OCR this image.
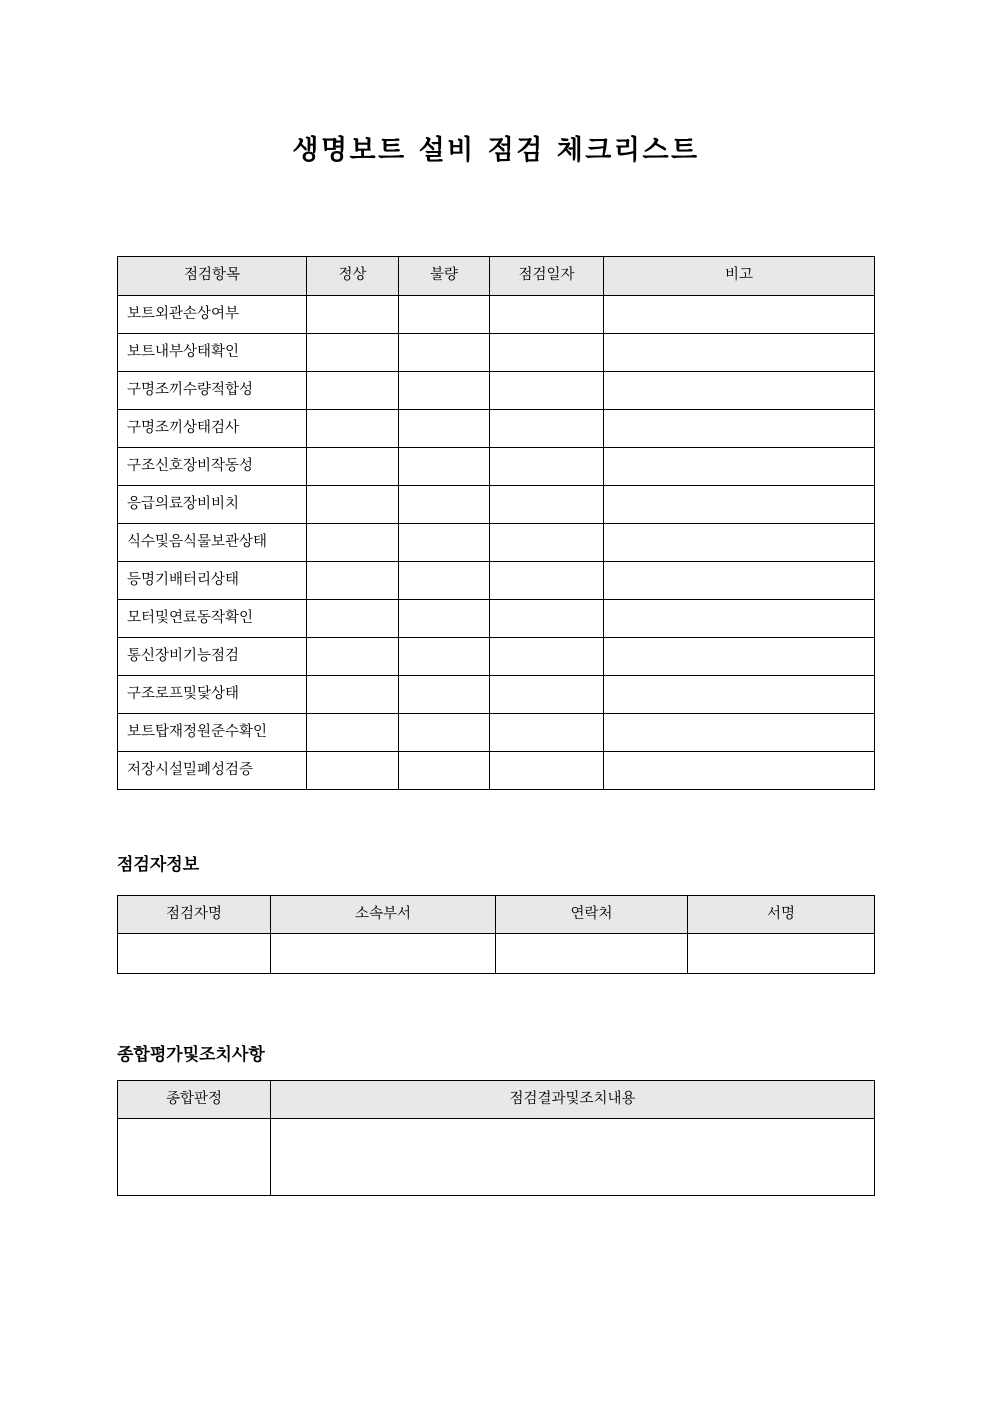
생명보트 설비 점검 체크리스트
점검항목	정상	불량	점검일자	비고
보트외관손상여부				
보트내부상태확인				
구명조끼수량적합성				
구명조끼상태검사				
구조신호장비작동성				
응급의료장비비치				
식수및음식물보관상태				
등명기배터리상태				
모터및연료동작확인				
통신장비기능점검				
구조로프및닻상태				
보트탑재정원준수확인				
저장시설밀폐성검증				
점검자정보
점검자명	소속부서	연락처	서명

종합평가및조치사항
종합판정	점검결과및조치내용
